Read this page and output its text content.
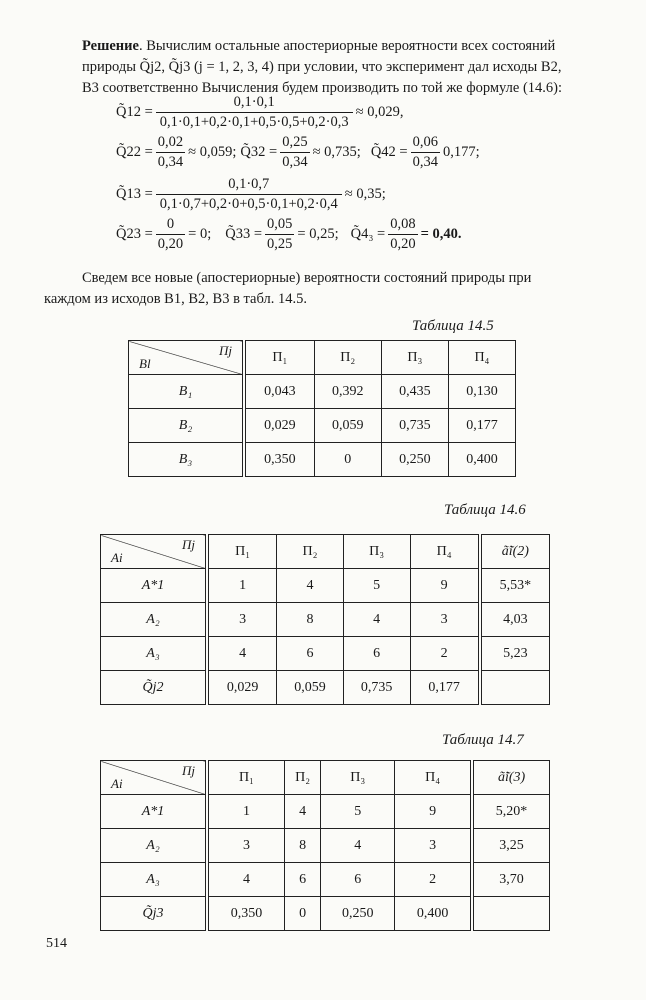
Решение. Вычислим остальные апостериорные вероятности всех состояний
природы Q̃j2, Q̃j3 (j = 1, 2, 3, 4) при условии, что эксперимент дал исходы B2,
B3 соответственно Вычисления будем производить по той же формуле (14.6):
Q̃12 = $\frac{0,1\cdot 0,1}{0,1\cdot 0,1+0,2\cdot 0,1+0,5\cdot 0,5+0,2\cdot 0,3} \approx 0,029$,
Q̃22 = $\frac{0,02}{0,34} \approx 0,059$; Q̃32 = $\frac{0,25}{0,34} \approx 0,735$; Q̃42 = $\frac{0,06}{0,34} 0,177$;
Q̃13 = $\frac{0,1\cdot 0,7}{0,1\cdot 0,7+0,2\cdot 0+0,5\cdot 0,1+0,2\cdot 0,4} \approx 0,35$;
Q̃23 = $\frac{0}{0,20} = 0$; Q̃33 = $\frac{0,05}{0,25} = 0,25$; Q̃4₃ = $\frac{0,08}{0,20} = 0,40$.
Сведем все новые (апостериорные) вероятности состояний природы при
каждом из исходов B1, B2, B3 в табл. 14.5.
Таблица 14.5
Пj
Bl	П₁	П₂	П₃	П₄
B₁	0,043	0,392	0,435	0,130
B₂	0,029	0,059	0,735	0,177
B₃	0,350	0	0,250	0,400
Таблица 14.6
Пj
Ai	П₁	П₂	П₃	П₄	ã̃i(2)
A*1	1	4	5	9	5,53*
A₂	3	8	4	3	4,03
A₃	4	6	6	2	5,23
Q̃j2	0,029	0,059	0,735	0,177	
Таблица 14.7
Пj
Ai	П₁	П₂	П₃	П₄	ã̃i(3)
A*1	1	4	5	9	5,20*
A₂	3	8	4	3	3,25
A₃	4	6	6	2	3,70
Q̃j3	0,350	0	0,250	0,400	
514
